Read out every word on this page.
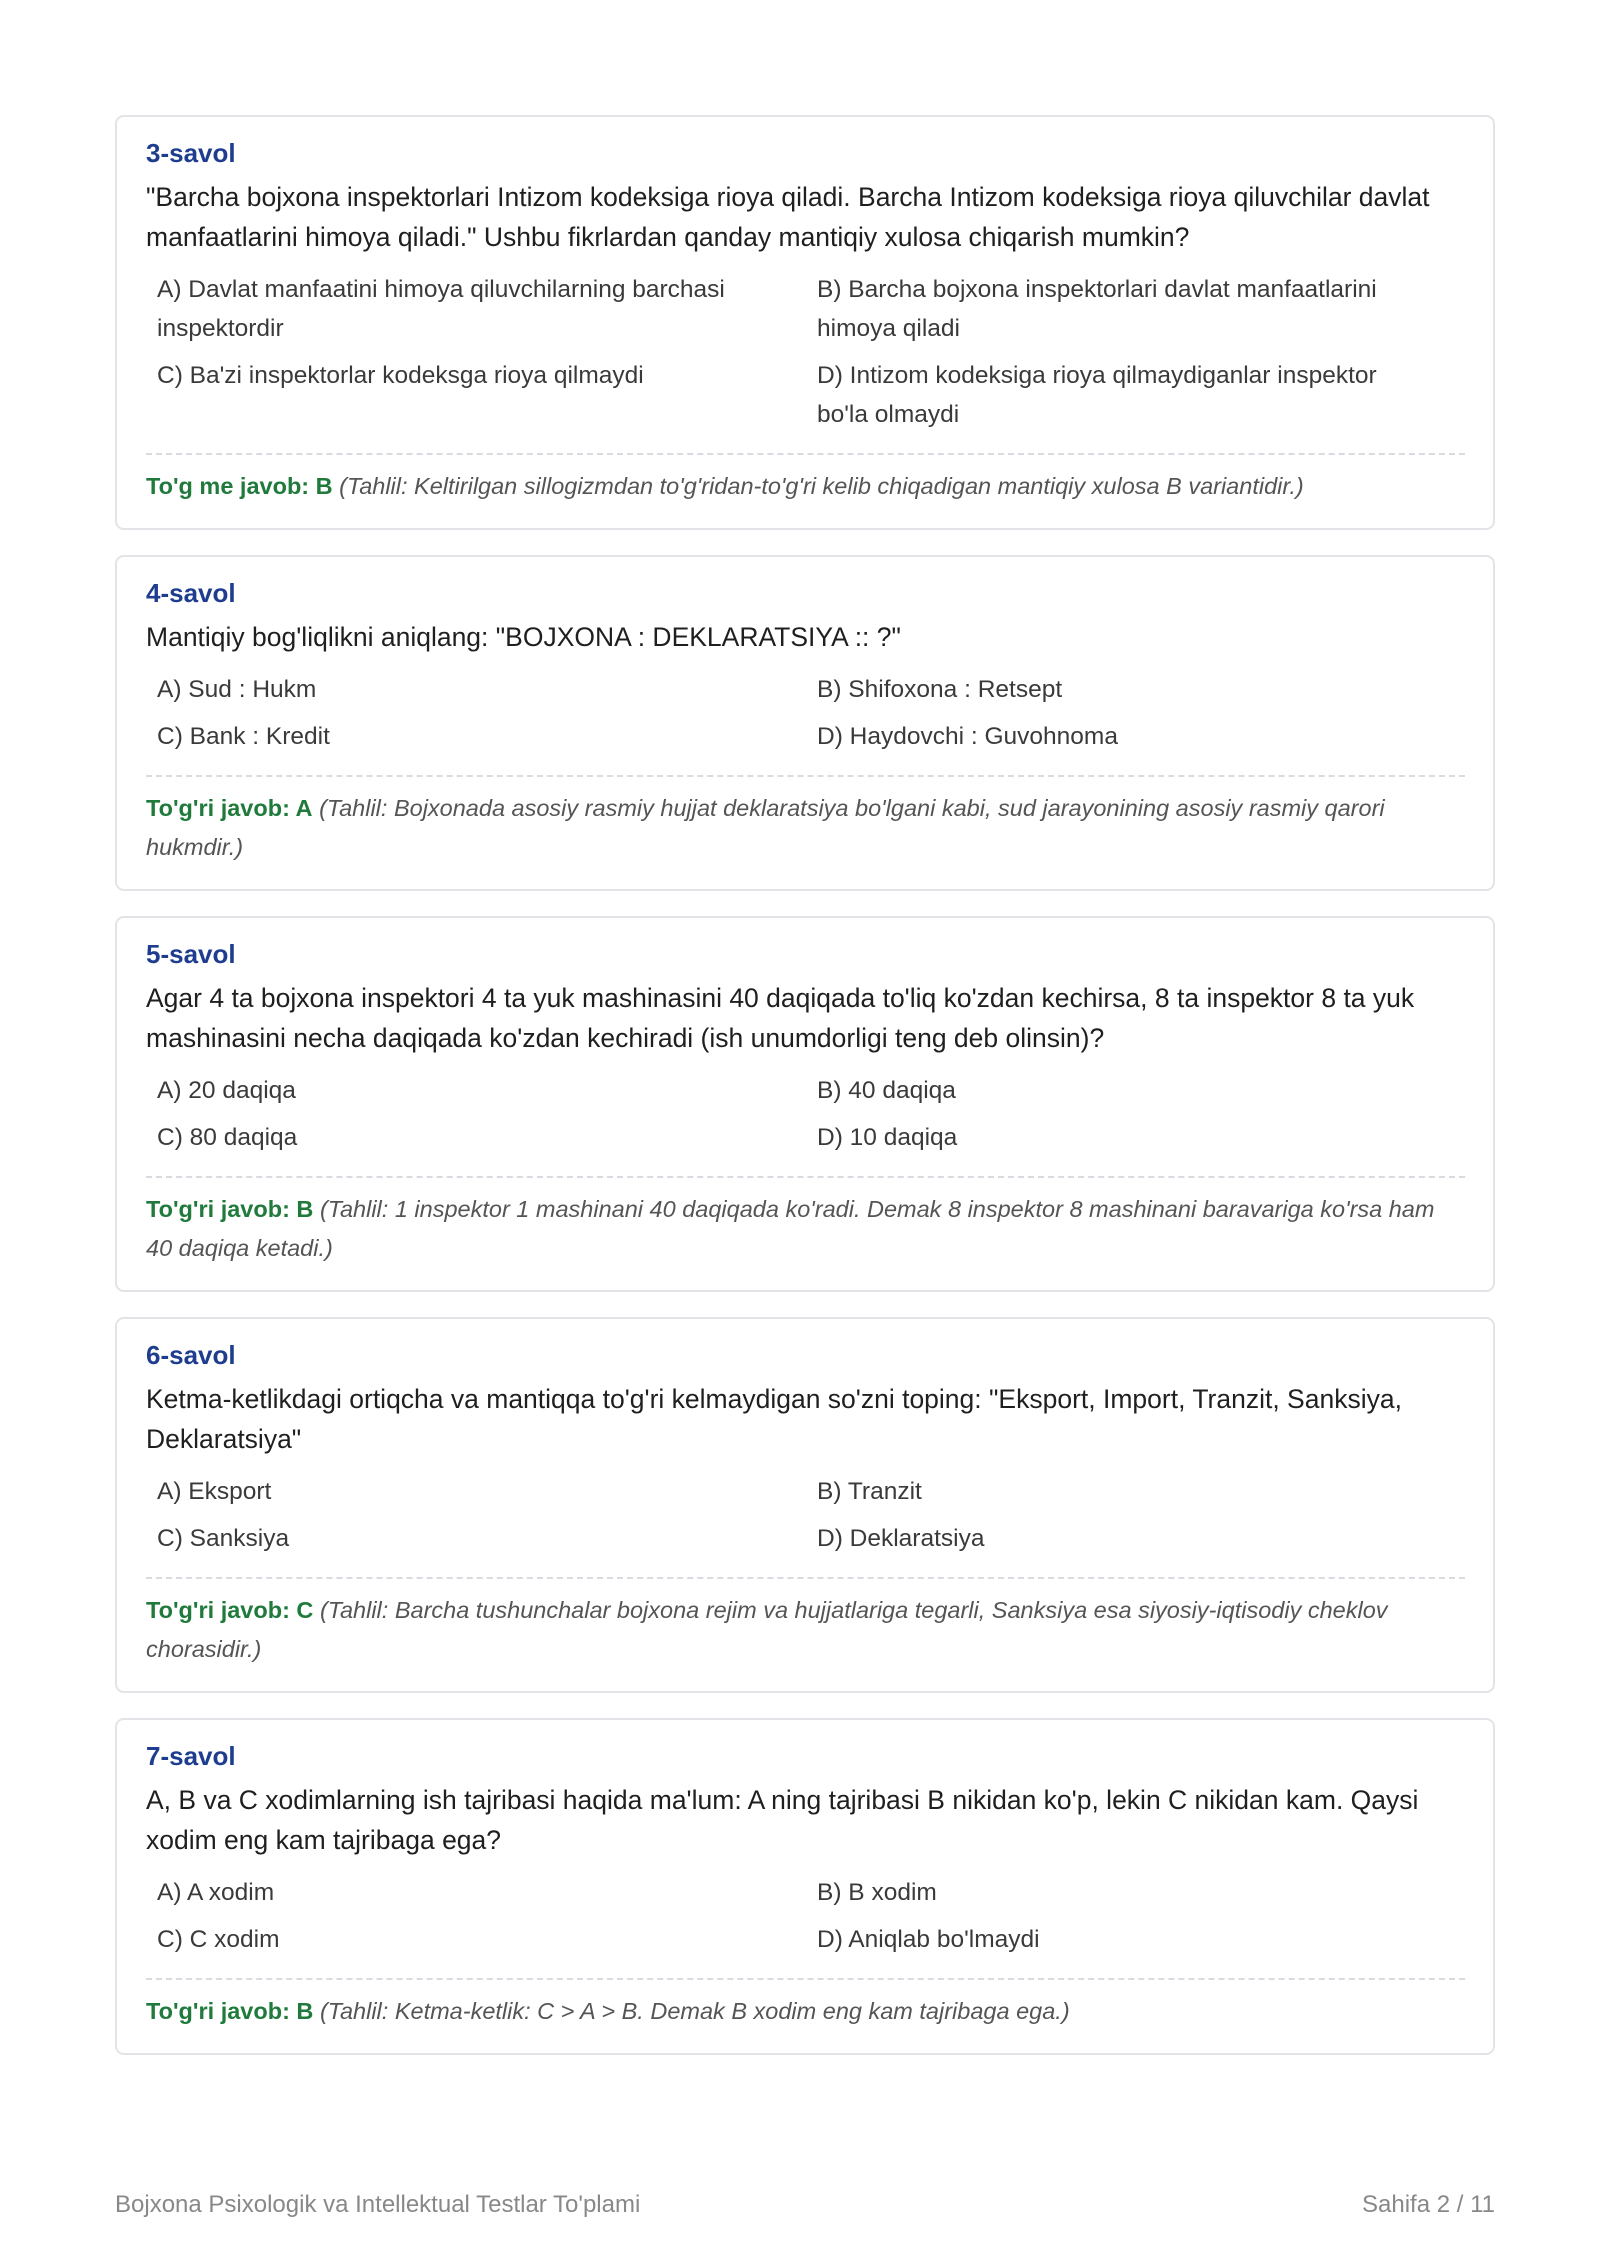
3-savol
"Barcha bojxona inspektorlari Intizom kodeksiga rioya qiladi. Barcha Intizom kodeksiga rioya qiluvchilar davlat manfaatlarini himoya qiladi." Ushbu fikrlardan qanday mantiqiy xulosa chiqarish mumkin?
A) Davlat manfaatini himoya qiluvchilarning barchasi inspektordir
B) Barcha bojxona inspektorlari davlat manfaatlarini himoya qiladi
C) Ba'zi inspektorlar kodeksga rioya qilmaydi	D) Intizom kodeksiga rioya qilmaydiganlar inspektor bo'la olmaydi
To'g me javob: B (Tahlil: Keltirilgan sillogizmdan to'g'ridan-to'g'ri kelib chiqadigan mantiqiy xulosa B variantidir.)
4-savol
Mantiqiy bog'liqlikni aniqlang: "BOJXONA : DEKLARATSIYA :: ?"
A) Sud : Hukm	B) Shifoxona : Retsept
C) Bank : Kredit	D) Haydovchi : Guvohnoma
To'g'ri javob: A (Tahlil: Bojxonada asosiy rasmiy hujjat deklaratsiya bo'lgani kabi, sud jarayonining asosiy rasmiy qarori hukmdir.)
5-savol
Agar 4 ta bojxona inspektori 4 ta yuk mashinasini 40 daqiqada to'liq ko'zdan kechirsa, 8 ta inspektor 8 ta yuk mashinasini necha daqiqada ko'zdan kechiradi (ish unumdorligi teng deb olinsin)?
A) 20 daqiqa	B) 40 daqiqa
C) 80 daqiqa	D) 10 daqiqa
To'g'ri javob: B (Tahlil: 1 inspektor 1 mashinani 40 daqiqada ko'radi. Demak 8 inspektor 8 mashinani baravariga ko'rsa ham 40 daqiqa ketadi.)
6-savol
Ketma-ketlikdagi ortiqcha va mantiqqa to'g'ri kelmaydigan so'zni toping: "Eksport, Import, Tranzit, Sanksiya, Deklaratsiya"
A) Eksport	B) Tranzit
C) Sanksiya	D) Deklaratsiya
To'g'ri javob: C (Tahlil: Barcha tushunchalar bojxona rejim va hujjatlariga tegarli, Sanksiya esa siyosiy-iqtisodiy cheklov chorasidir.)
7-savol
A, B va C xodimlarning ish tajribasi haqida ma'lum: A ning tajribasi B nikidan ko'p, lekin C nikidan kam. Qaysi xodim eng kam tajribaga ega?
A) A xodim	B) B xodim
C) C xodim	D) Aniqlab bo'lmaydi
To'g'ri javob: B (Tahlil: Ketma-ketlik: C > A > B. Demak B xodim eng kam tajribaga ega.)
Bojxona Psixologik va Intellektual Testlar To'plami	Sahifa 2 / 11
